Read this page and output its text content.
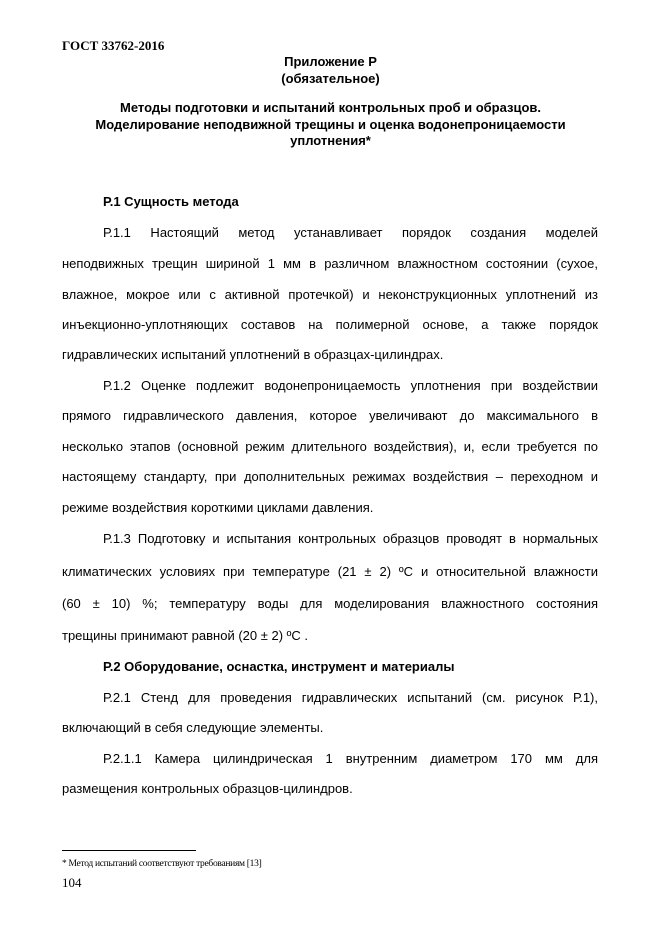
ГОСТ 33762-2016
Приложение Р
(обязательное)
Методы подготовки и испытаний контрольных проб и образцов.
Моделирование неподвижной трещины и оценка водонепроницаемости
уплотнения*
Р.1 Сущность метода
Р.1.1 Настоящий метод устанавливает порядок создания моделей
неподвижных трещин шириной 1 мм в различном влажностном состоянии (сухое,
влажное, мокрое или с активной протечкой) и неконструкционных уплотнений из
инъекционно-уплотняющих составов на полимерной основе, а также порядок
гидравлических испытаний уплотнений в образцах-цилиндрах.
Р.1.2 Оценке подлежит водонепроницаемость уплотнения при воздействии
прямого гидравлического давления, которое увеличивают до максимального в
несколько этапов (основной режим длительного воздействия), и, если требуется по
настоящему стандарту, при дополнительных режимах воздействия – переходном и
режиме воздействия короткими циклами давления.
Р.1.3 Подготовку и испытания контрольных образцов проводят в нормальных
климатических условиях при температуре (21 ± 2) ºС и относительной влажности
(60 ± 10) %; температуру воды для моделирования влажностного состояния
трещины принимают равной (20 ± 2) ºС .
Р.2 Оборудование, оснастка, инструмент и материалы
Р.2.1 Стенд для проведения гидравлических испытаний (см. рисунок Р.1),
включающий в себя следующие элементы.
Р.2.1.1 Камера цилиндрическая 1 внутренним диаметром 170 мм для
размещения контрольных образцов-цилиндров.
* Метод испытаний соответствуют требованиям [13]
104
